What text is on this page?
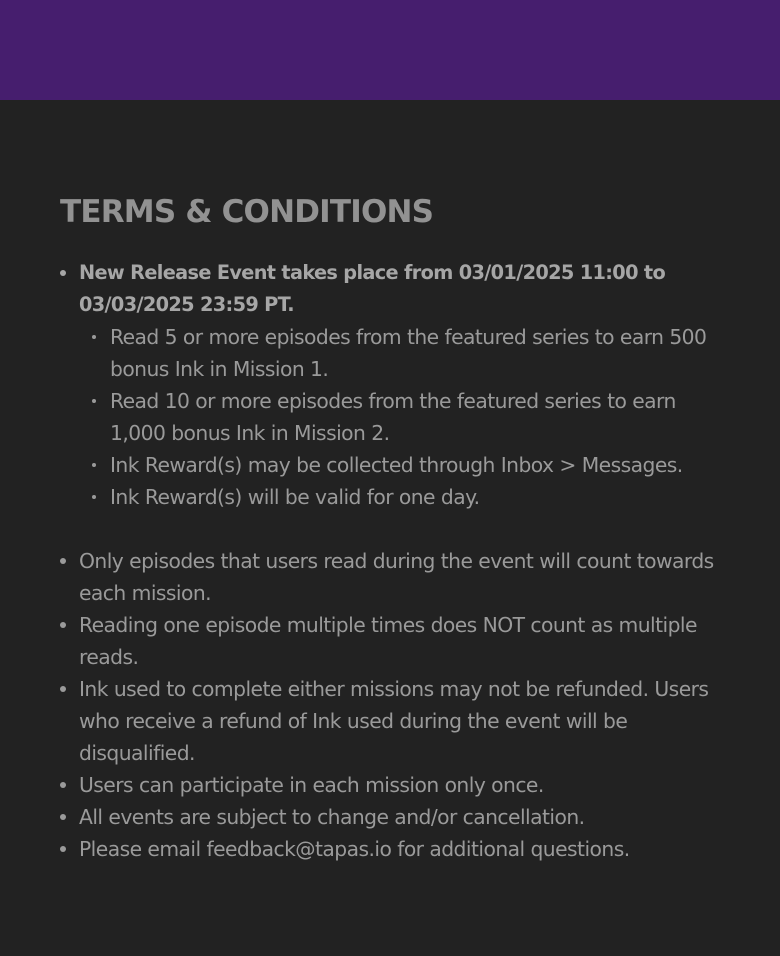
TERMS & CONDITIONS
New Release Event takes place from 03/01/2025 11:00 to 03/03/2025 23:59 PT.
Read 5 or more episodes from the featured series to earn 500 bonus Ink in Mission 1.
Read 10 or more episodes from the featured series to earn 1,000 bonus Ink in Mission 2.
Ink Reward(s) may be collected through Inbox > Messages.
Ink Reward(s) will be valid for one day.
Only episodes that users read during the event will count towards each mission.
Reading one episode multiple times does NOT count as multiple reads.
Ink used to complete either missions may not be refunded. Users who receive a refund of Ink used during the event will be disqualified.
Users can participate in each mission only once.
All events are subject to change and/or cancellation.
Please email feedback@tapas.io for additional questions.
